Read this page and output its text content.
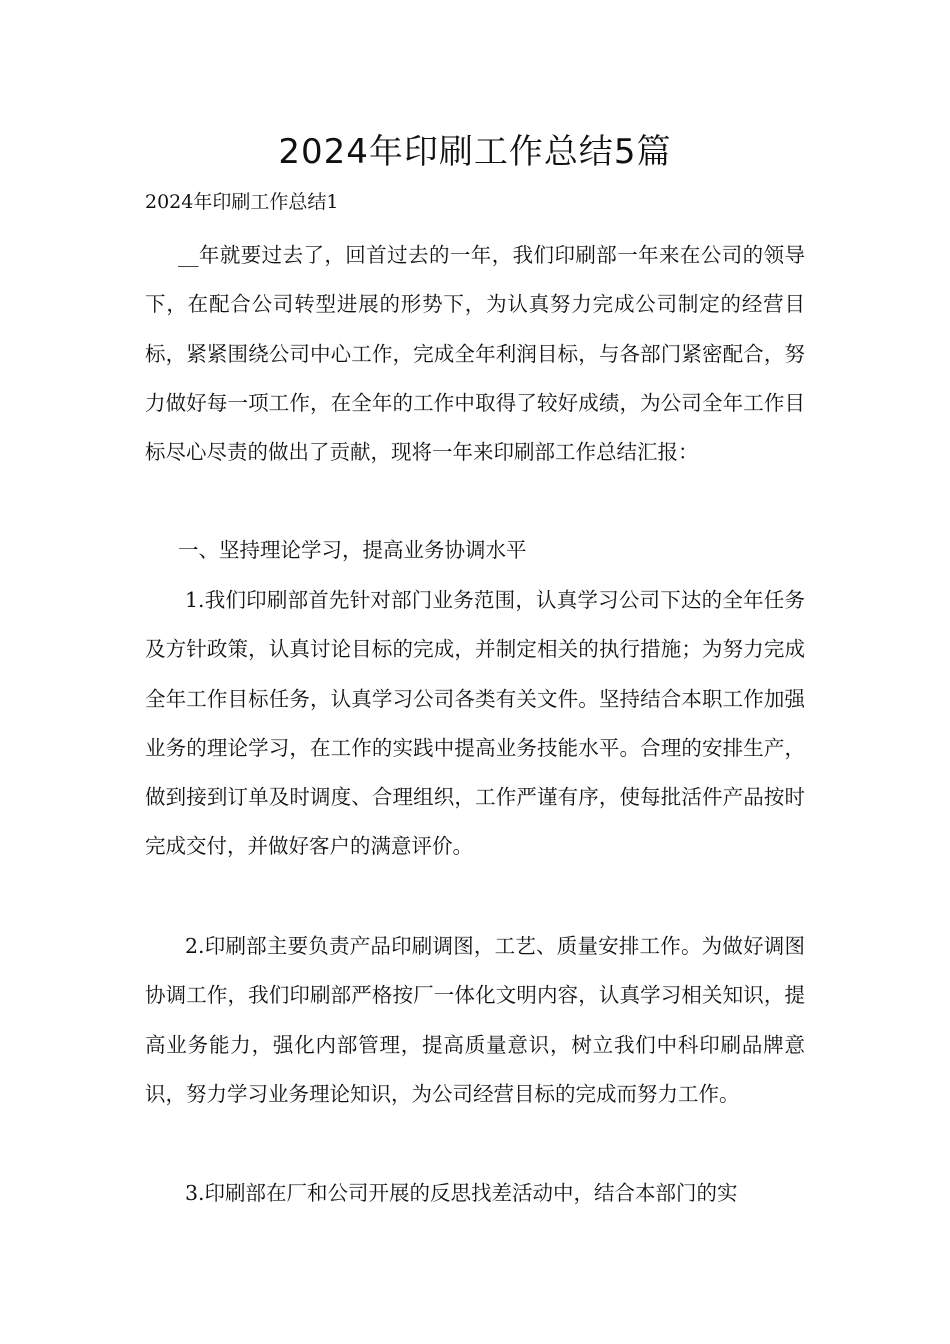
2024年印刷工作总结5篇

2024年印刷工作总结1

__年就要过去了，回首过去的一年，我们印刷部一年来在公司的领导下，在配合公司转型进展的形势下，为认真努力完成公司制定的经营目标，紧紧围绕公司中心工作，完成全年利润目标，与各部门紧密配合，努力做好每一项工作，在全年的工作中取得了较好成绩，为公司全年工作目标尽心尽责的做出了贡献，现将一年来印刷部工作总结汇报：

一、坚持理论学习，提高业务协调水平

1.我们印刷部首先针对部门业务范围，认真学习公司下达的全年任务及方针政策，认真讨论目标的完成，并制定相关的执行措施；为努力完成全年工作目标任务，认真学习公司各类有关文件。坚持结合本职工作加强业务的理论学习，在工作的实践中提高业务技能水平。合理的安排生产，做到接到订单及时调度、合理组织，工作严谨有序，使每批活件产品按时完成交付，并做好客户的满意评价。

2.印刷部主要负责产品印刷调图，工艺、质量安排工作。为做好调图协调工作，我们印刷部严格按厂一体化文明内容，认真学习相关知识，提高业务能力，强化内部管理，提高质量意识，树立我们中科印刷品牌意识，努力学习业务理论知识，为公司经营目标的完成而努力工作。

3.印刷部在厂和公司开展的反思找差活动中，结合本部门的实
